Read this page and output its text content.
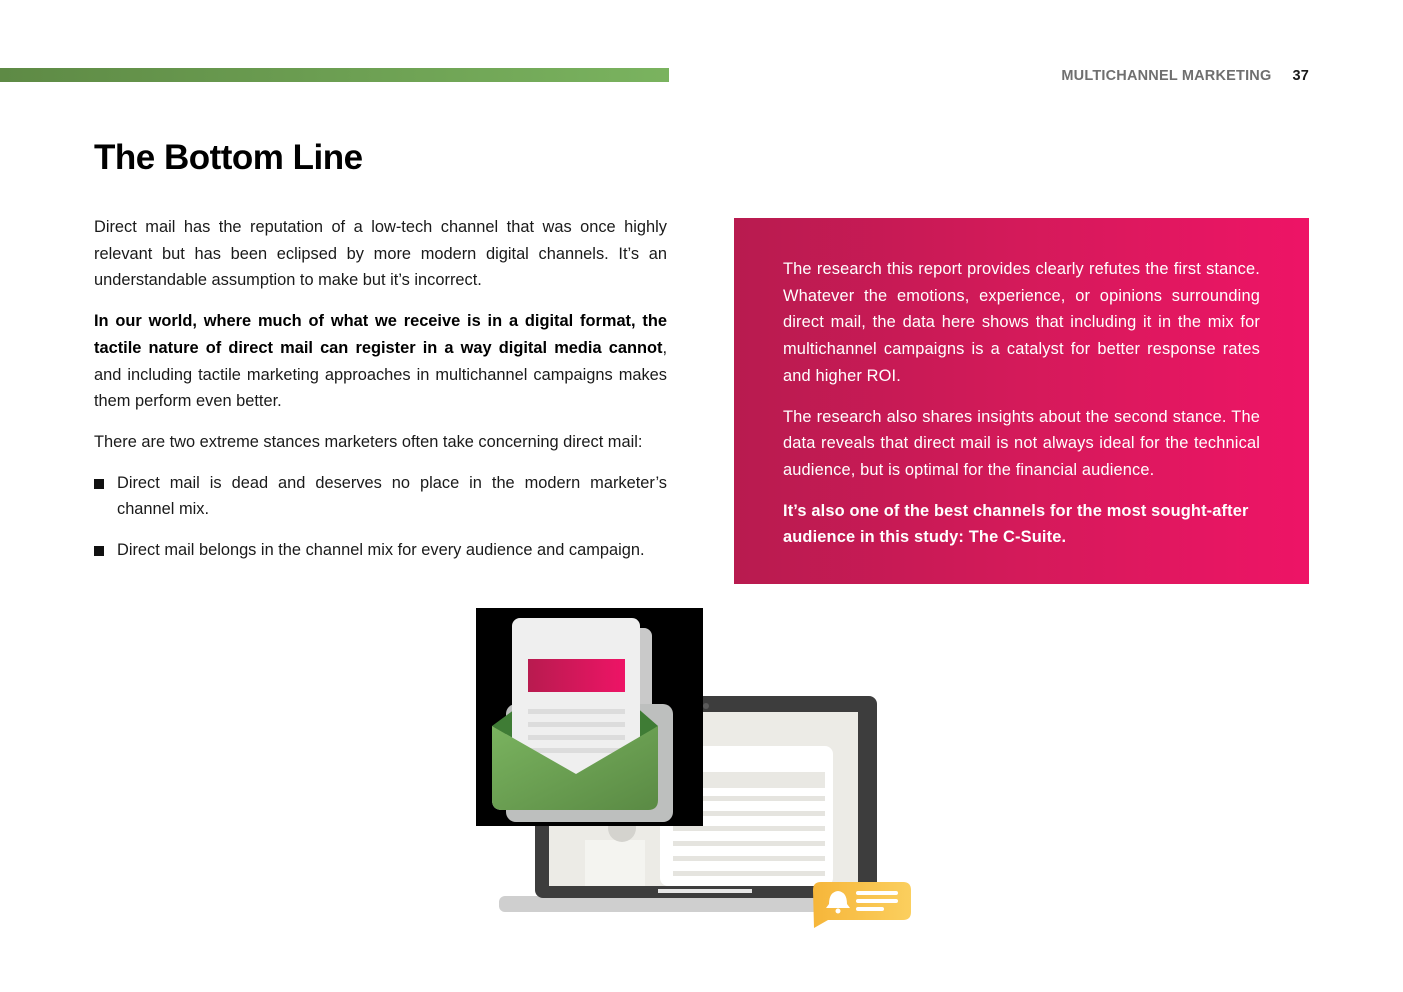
MULTICHANNEL MARKETING 37
The Bottom Line

Direct mail has the reputation of a low-tech channel that was once highly relevant but has been eclipsed by more modern digital channels. It’s an understandable assumption to make but it’s incorrect.

In our world, where much of what we receive is in a digital format, the tactile nature of direct mail can register in a way digital media cannot, and including tactile marketing approaches in multichannel campaigns makes them perform even better.

There are two extreme stances marketers often take concerning direct mail:

Direct mail is dead and deserves no place in the modern marketer’s channel mix.
Direct mail belongs in the channel mix for every audience and campaign.

The research this report provides clearly refutes the first stance. Whatever the emotions, experience, or opinions surrounding direct mail, the data here shows that including it in the mix for multichannel campaigns is a catalyst for better response rates and higher ROI.

The research also shares insights about the second stance. The data reveals that direct mail is not always ideal for the technical audience, but is optimal for the financial audience.

It’s also one of the best channels for the most sought-after audience in this study: The C-Suite.
